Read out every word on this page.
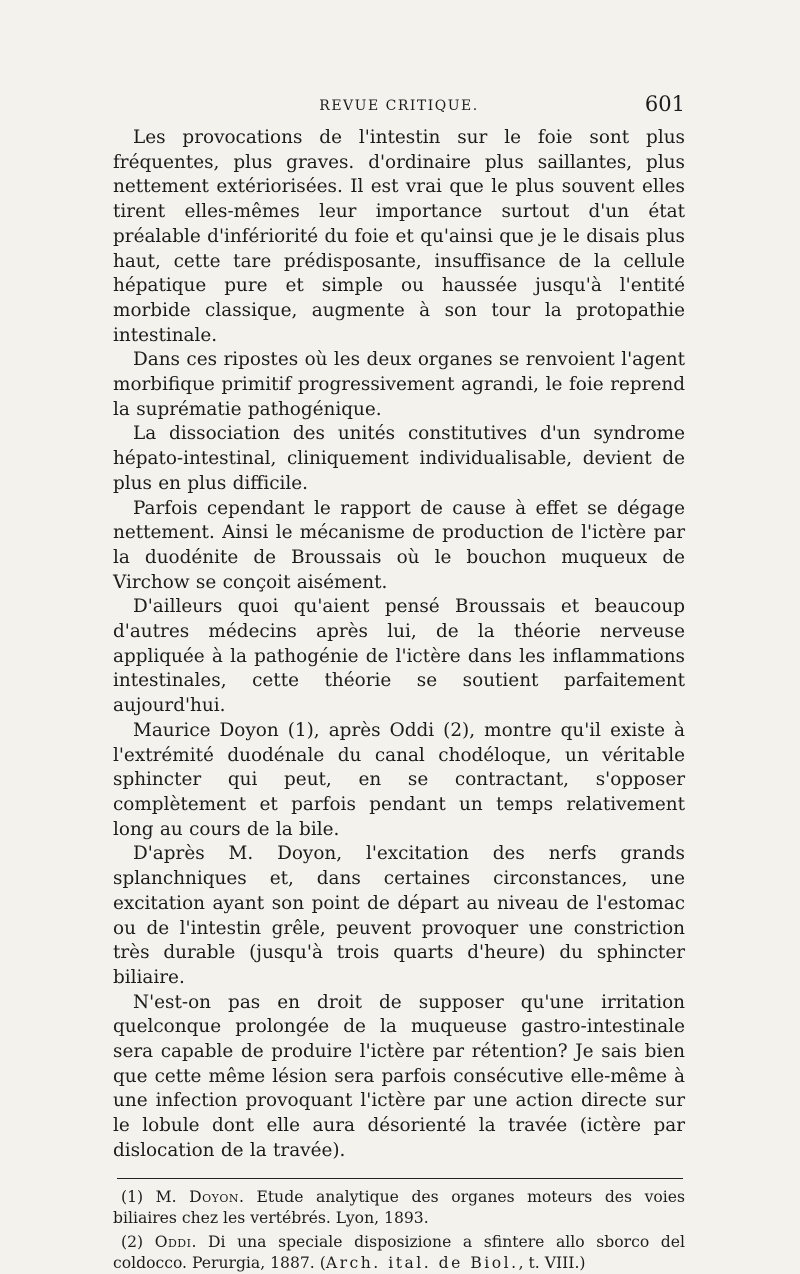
REVUE CRITIQUE.	601

Les provocations de l'intestin sur le foie sont plus fréquentes, plus graves. d'ordinaire plus saillantes, plus nettement extériorisées. Il est vrai que le plus souvent elles tirent elles-mêmes leur importance surtout d'un état préalable d'infériorité du foie et qu'ainsi que je le disais plus haut, cette tare prédisposante, insuffisance de la cellule hépatique pure et simple ou haussée jusqu'à l'entité morbide classique, augmente à son tour la protopathie intestinale.

Dans ces ripostes où les deux organes se renvoient l'agent morbifique primitif progressivement agrandi, le foie reprend la suprématie pathogénique.

La dissociation des unités constitutives d'un syndrome hépato-intestinal, cliniquement individualisable, devient de plus en plus difficile.

Parfois cependant le rapport de cause à effet se dégage nettement. Ainsi le mécanisme de production de l'ictère par la duodénite de Broussais où le bouchon muqueux de Virchow se conçoit aisément.

D'ailleurs quoi qu'aient pensé Broussais et beaucoup d'autres médecins après lui, de la théorie nerveuse appliquée à la pathogénie de l'ictère dans les inflammations intestinales, cette théorie se soutient parfaitement aujourd'hui.

Maurice Doyon (1), après Oddi (2), montre qu'il existe à l'extrémité duodénale du canal chodéloque, un véritable sphincter qui peut, en se contractant, s'opposer complètement et parfois pendant un temps relativement long au cours de la bile.

D'après M. Doyon, l'excitation des nerfs grands splanchniques et, dans certaines circonstances, une excitation ayant son point de départ au niveau de l'estomac ou de l'intestin grêle, peuvent provoquer une constriction très durable (jusqu'à trois quarts d'heure) du sphincter biliaire.

N'est-on pas en droit de supposer qu'une irritation quelconque prolongée de la muqueuse gastro-intestinale sera capable de produire l'ictère par rétention? Je sais bien que cette même lésion sera parfois consécutive elle-même à une infection provoquant l'ictère par une action directe sur le lobule dont elle aura désorienté la travée (ictère par dislocation de la travée).

(1) M. Doyon. Etude analytique des organes moteurs des voies biliaires chez les vertébrés. Lyon, 1893.

(2) Oddi. Di una speciale disposizione a sfintere allo sborco del coldocco. Perurgia, 1887. (Arch. ital. de Biol., t. VIII.)
